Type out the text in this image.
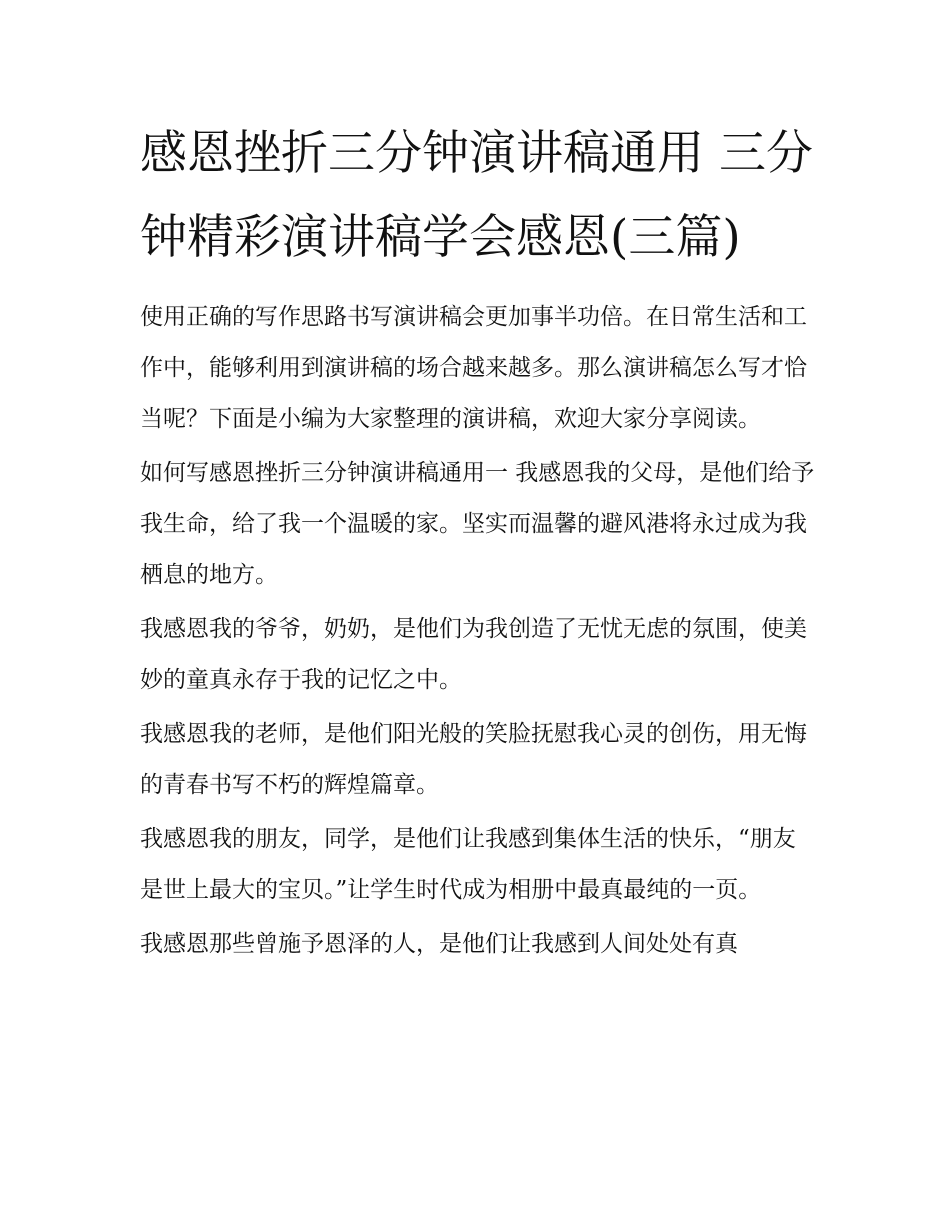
感恩挫折三分钟演讲稿通用 三分钟精彩演讲稿学会感恩(三篇)

使用正确的写作思路书写演讲稿会更加事半功倍。在日常生活和工作中，能够利用到演讲稿的场合越来越多。那么演讲稿怎么写才恰当呢？下面是小编为大家整理的演讲稿，欢迎大家分享阅读。

如何写感恩挫折三分钟演讲稿通用一 我感恩我的父母，是他们给予我生命，给了我一个温暖的家。坚实而温馨的避风港将永过成为我栖息的地方。

我感恩我的爷爷，奶奶，是他们为我创造了无忧无虑的氛围，使美妙的童真永存于我的记忆之中。

我感恩我的老师，是他们阳光般的笑脸抚慰我心灵的创伤，用无悔的青春书写不朽的辉煌篇章。

我感恩我的朋友，同学，是他们让我感到集体生活的快乐，“朋友是世上最大的宝贝。”让学生时代成为相册中最真最纯的一页。

我感恩那些曾施予恩泽的人，是他们让我感到人间处处有真
